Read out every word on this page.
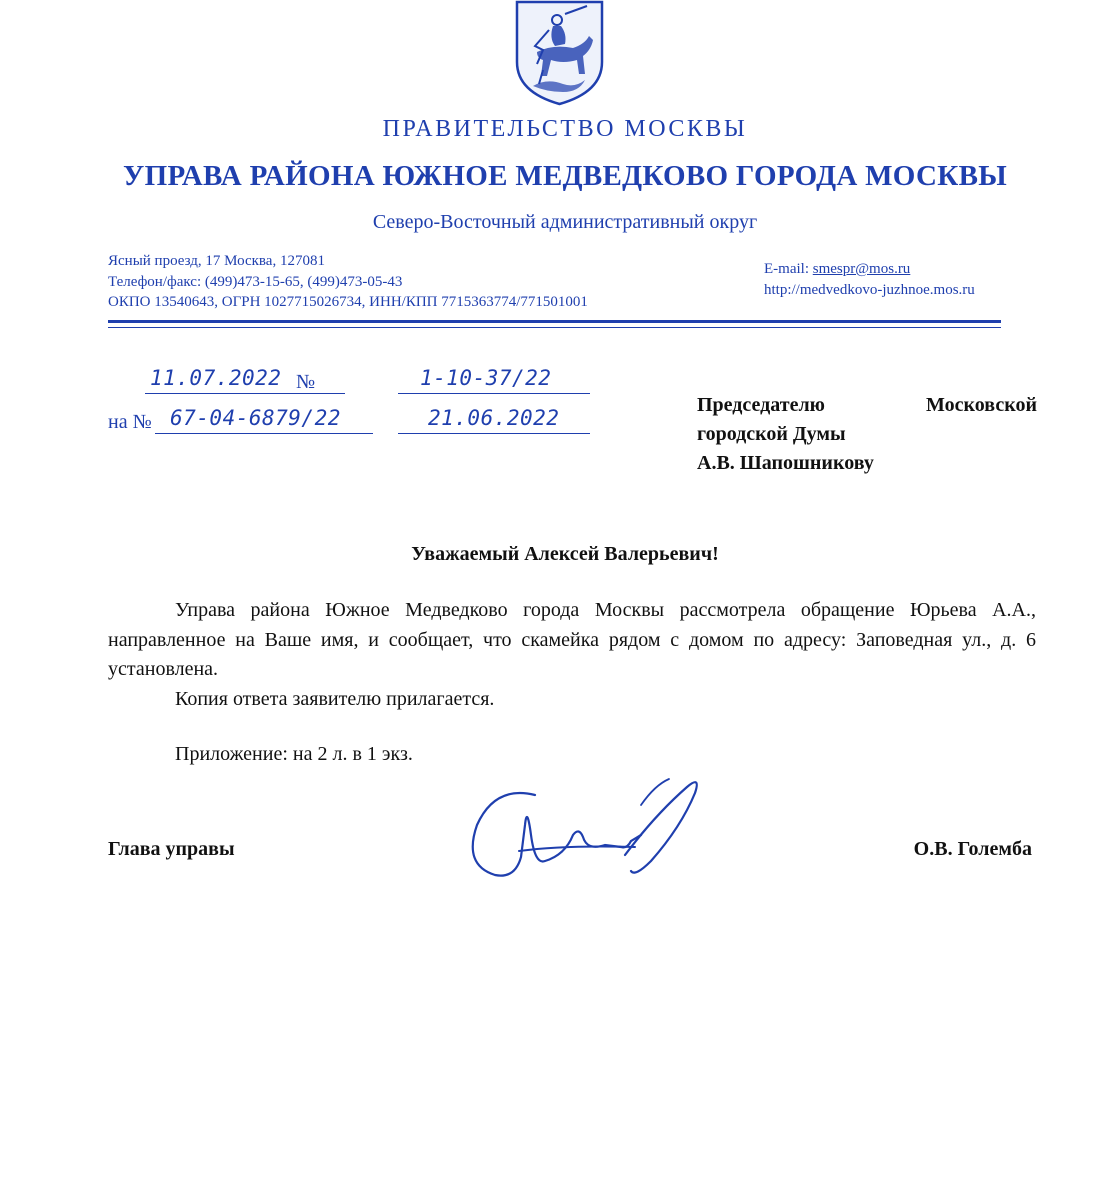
ПРАВИТЕЛЬСТВО МОСКВЫ
УПРАВА РАЙОНА ЮЖНОЕ МЕДВЕДКОВО ГОРОДА МОСКВЫ
Северо-Восточный административный округ
Ясный проезд, 17 Москва, 127081
Телефон/факс: (499)473-15-65, (499)473-05-43
ОКПО 13540643, ОГРН 1027715026734, ИНН/КПП 7715363774/771501001
E-mail: smespr@mos.ru
http://medvedkovo-juzhnoe.mos.ru
11.07.2022 №	1-10-37/22
на № 67-04-6879/22	21.06.2022
Председателю	Московской
городской Думы
А.В. Шапошникову
Уважаемый Алексей Валерьевич!

Управа района Южное Медведково города Москвы рассмотрела обращение Юрьева А.А., направленное на Ваше имя, и сообщает, что скамейка рядом с домом по адресу: Заповедная ул., д. 6 установлена.

Копия ответа заявителю прилагается.

Приложение: на 2 л. в 1 экз.
Глава управы	О.В. Големба
